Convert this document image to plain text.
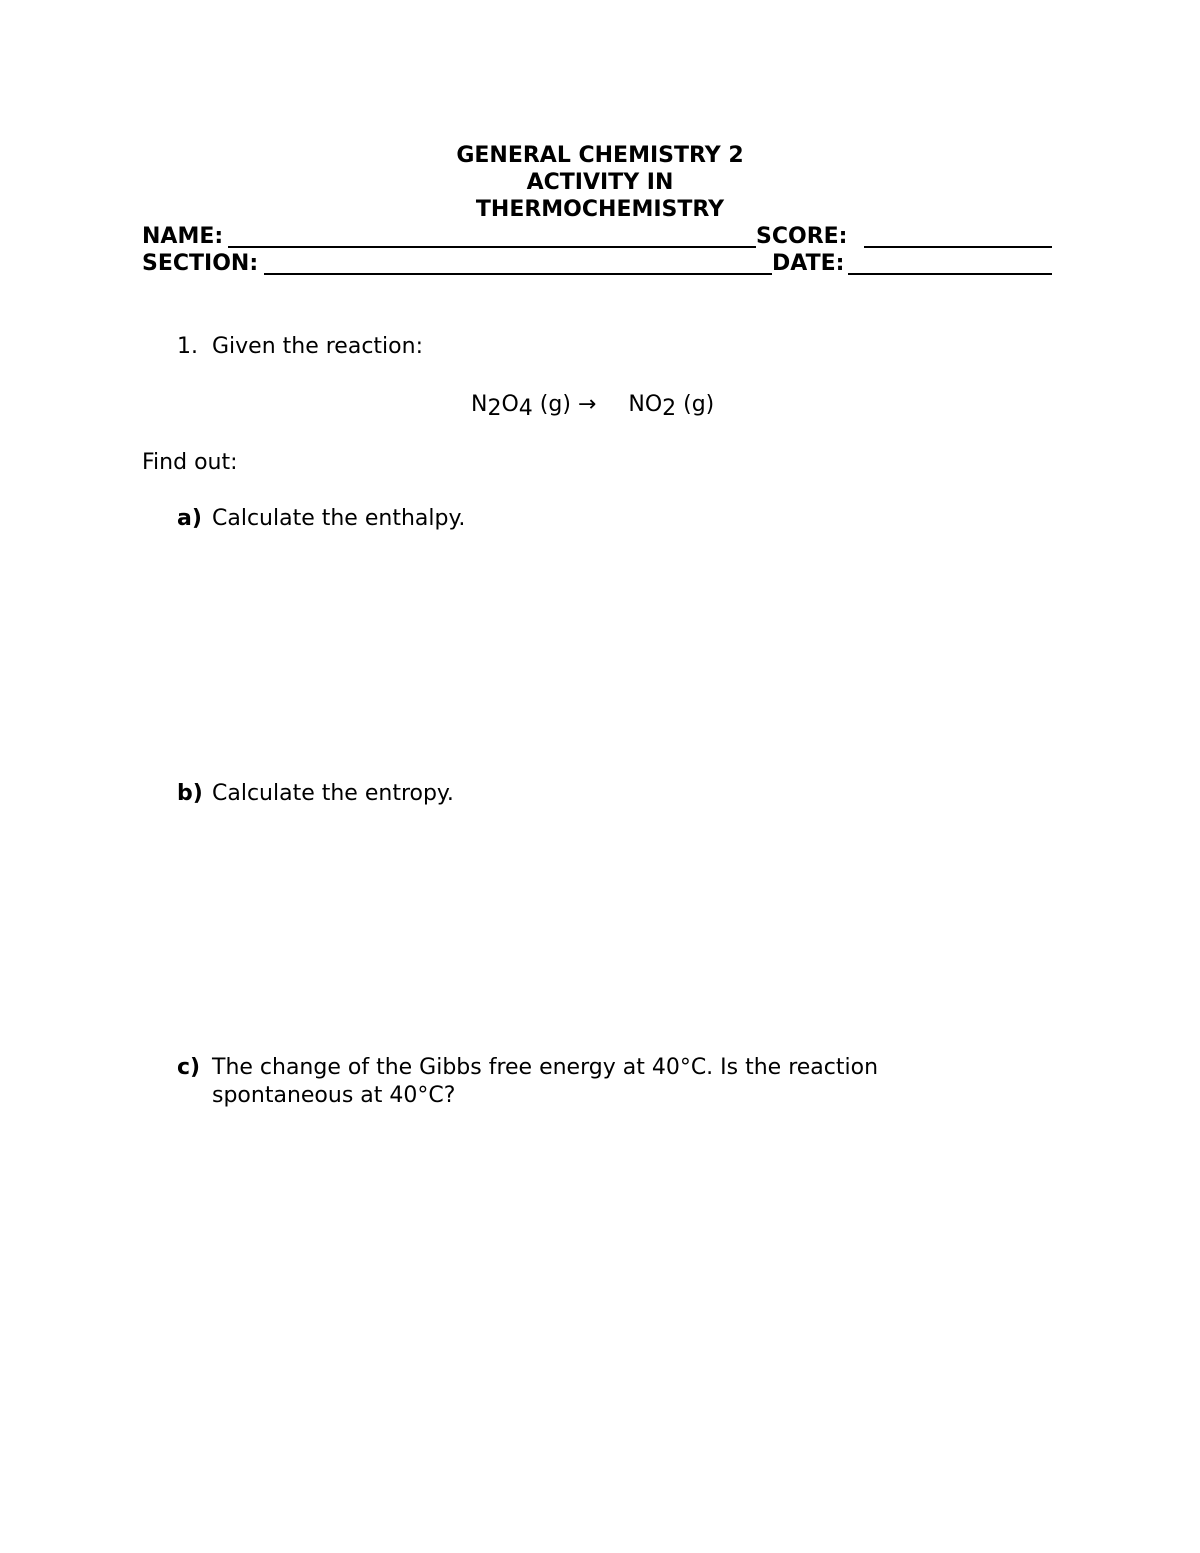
GENERAL CHEMISTRY 2
ACTIVITY IN
THERMOCHEMISTRY
NAME:	SCORE:
SECTION:	DATE:
1. Given the reaction:
$N_2O_4$ $(g) \to NO_2$ (g)
Find out:
a) Calculate the enthalpy.
b) Calculate the entropy.
c) The change of the Gibbs free energy at 40°C. Is the reaction
spontaneous at 40°C?
